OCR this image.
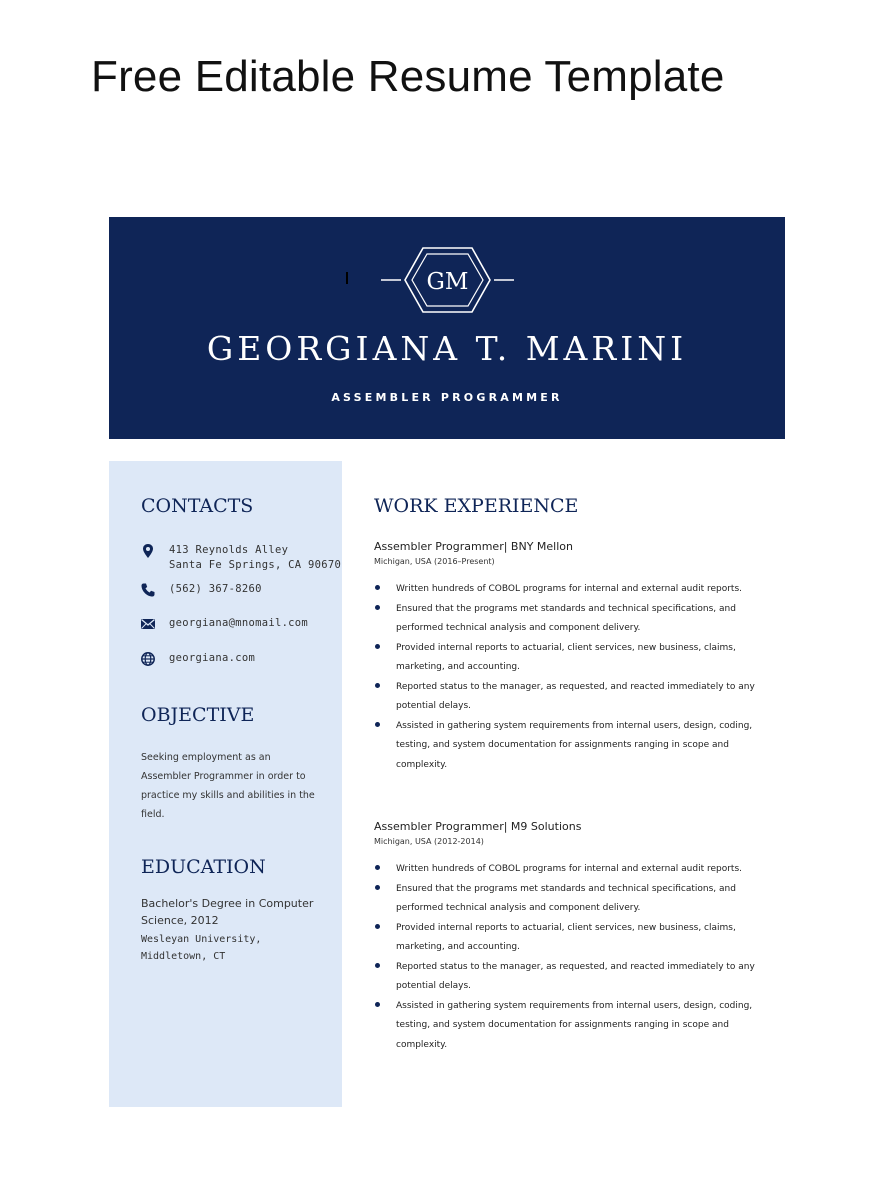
Free Editable Resume Template
GM
GEORGIANA T. MARINI
ASSEMBLER PROGRAMMER
CONTACTS
413 Reynolds Alley
Santa Fe Springs, CA 90670
(562) 367-8260
georgiana@mnomail.com
georgiana.com
OBJECTIVE
Seeking employment as an Assembler Programmer in order to practice my skills and abilities in the field.
EDUCATION
Bachelor's Degree in Computer Science, 2012
Wesleyan University,
Middletown, CT
WORK EXPERIENCE
Assembler Programmer| BNY Mellon
Michigan, USA (2016–Present)
Written hundreds of COBOL programs for internal and external audit reports.
Ensured that the programs met standards and technical specifications, and performed technical analysis and component delivery.
Provided internal reports to actuarial, client services, new business, claims, marketing, and accounting.
Reported status to the manager, as requested, and reacted immediately to any potential delays.
Assisted in gathering system requirements from internal users, design, coding, testing, and system documentation for assignments ranging in scope and complexity.
Assembler Programmer| M9 Solutions
Michigan, USA (2012-2014)
Written hundreds of COBOL programs for internal and external audit reports.
Ensured that the programs met standards and technical specifications, and performed technical analysis and component delivery.
Provided internal reports to actuarial, client services, new business, claims, marketing, and accounting.
Reported status to the manager, as requested, and reacted immediately to any potential delays.
Assisted in gathering system requirements from internal users, design, coding, testing, and system documentation for assignments ranging in scope and complexity.
